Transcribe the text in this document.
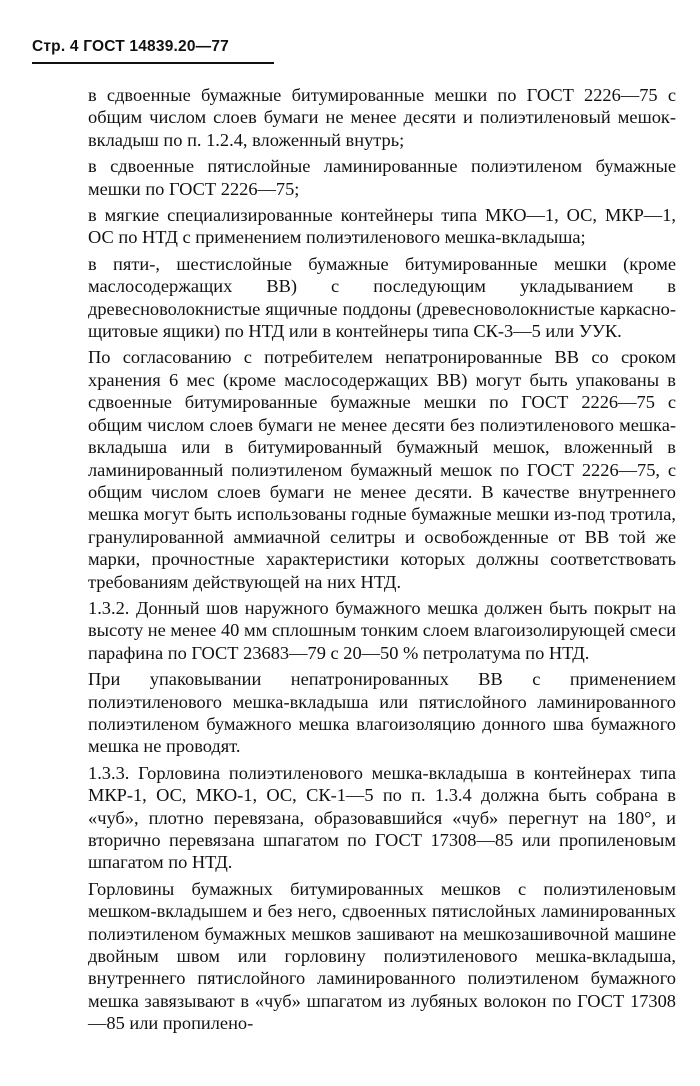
Стр. 4 ГОСТ 14839.20—77

в сдвоенные бумажные битумированные мешки по ГОСТ 2226—75 с общим числом слоев бумаги не менее десяти и полиэтиленовый мешок-вкладыш по п. 1.2.4, вложенный внутрь;

в сдвоенные пятислойные ламинированные полиэтиленом бумажные мешки по ГОСТ 2226—75;

в мягкие специализированные контейнеры типа МКО—1, ОС, МКР—1, ОС по НТД с применением полиэтиленового мешка-вкладыша;

в пяти-, шестислойные бумажные битумированные мешки (кроме маслосодержащих ВВ) с последующим укладыванием в древесноволокнистые ящичные поддоны (древесноволокнистые каркасно-щитовые ящики) по НТД или в контейнеры типа СК-3—5 или УУК.

По согласованию с потребителем непатронированные ВВ со сроком хранения 6 мес (кроме маслосодержащих ВВ) могут быть упакованы в сдвоенные битумированные бумажные мешки по ГОСТ 2226—75 с общим числом слоев бумаги не менее десяти без полиэтиленового мешка-вкладыша или в битумированный бумажный мешок, вложенный в ламинированный полиэтиленом бумажный мешок по ГОСТ 2226—75, с общим числом слоев бумаги не менее десяти. В качестве внутреннего мешка могут быть использованы годные бумажные мешки из-под тротила, гранулированной аммиачной селитры и освобожденные от ВВ той же марки, прочностные характеристики которых должны соответствовать требованиям действующей на них НТД.

1.3.2. Донный шов наружного бумажного мешка должен быть покрыт на высоту не менее 40 мм сплошным тонким слоем влагоизолирующей смеси парафина по ГОСТ 23683—79 с 20—50 % петролатума по НТД.

При упаковывании непатронированных ВВ с применением полиэтиленового мешка-вкладыша или пятислойного ламинированного полиэтиленом бумажного мешка влагоизоляцию донного шва бумажного мешка не проводят.

1.3.3. Горловина полиэтиленового мешка-вкладыша в контейнерах типа МКР-1, ОС, МКО-1, ОС, СК-1—5 по п. 1.3.4 должна быть собрана в «чуб», плотно перевязана, образовавшийся «чуб» перегнут на 180°, и вторично перевязана шпагатом по ГОСТ 17308—85 или пропиленовым шпагатом по НТД.

Горловины бумажных битумированных мешков с полиэтиленовым мешком-вкладышем и без него, сдвоенных пятислойных ламинированных полиэтиленом бумажных мешков зашивают на мешкозашивочной машине двойным швом или горловину полиэтиленового мешка-вкладыша, внутреннего пятислойного ламинированного полиэтиленом бумажного мешка завязывают в «чуб» шпагатом из лубяных волокон по ГОСТ 17308—85 или пропилено-
